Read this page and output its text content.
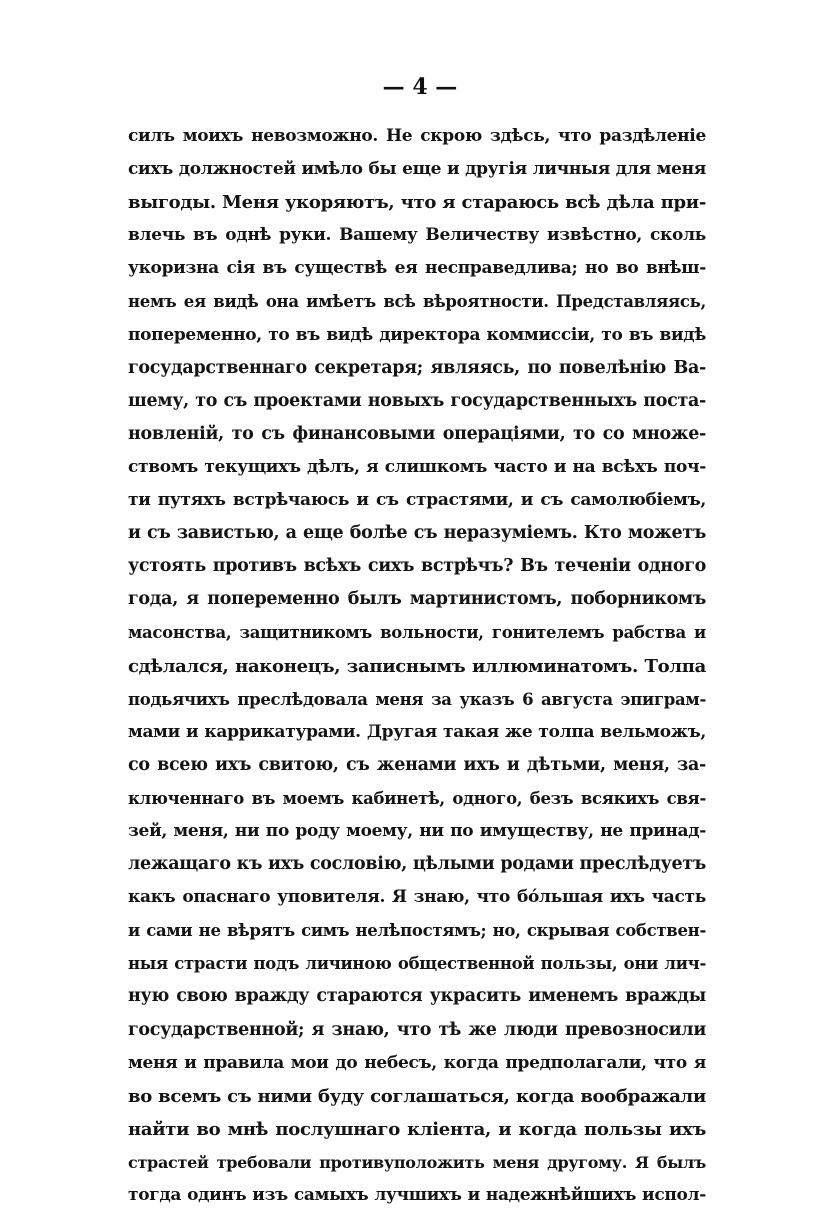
— 4 —
силъ моихъ невозможно. Не скрою здѣсь, что раздѣленіе
сихъ должностей имѣло бы еще и другія личныя для меня
выгоды. Меня укоряютъ, что я стараюсь всѣ дѣла при-
влечь въ однѣ руки. Вашему Величеству извѣстно, сколь
укоризна сія въ существѣ ея несправедлива; но во внѣш-
немъ ея видѣ она имѣетъ всѣ вѣроятности. Представляясь,
попеременно, то въ видѣ директора коммиссіи, то въ видѣ
государственнаго секретаря; являясь, по повелѣнію Ва-
шему, то съ проектами новыхъ государственныхъ поста-
новленій, то съ финансовыми операціями, то со множе-
ствомъ текущихъ дѣлъ, я слишкомъ часто и на всѣхъ поч-
ти путяхъ встрѣчаюсь и съ страстями, и съ самолюбіемъ,
и съ завистью, а еще болѣе съ неразуміемъ. Кто можетъ
устоять противъ всѣхъ сихъ встрѣчъ? Въ теченіи одного
года, я попеременно былъ мартинистомъ, поборникомъ
масонства, защитникомъ вольности, гонителемъ рабства и
сдѣлался, наконецъ, записнымъ иллюминатомъ. Толпа
подьячихъ преслѣдовала меня за указъ 6 августа эпиграм-
мами и каррикатурами. Другая такая же толпа вельможъ,
со всею ихъ свитою, съ женами ихъ и дѣтьми, меня, за-
ключеннаго въ моемъ кабинетѣ, одного, безъ всякихъ свя-
зей, меня, ни по роду моему, ни по имуществу, не принад-
лежащаго къ ихъ сословію, цѣлыми родами преслѣдуетъ
какъ опаснаго уповителя. Я знаю, что бо́льшая ихъ часть
и сами не вѣрятъ симъ нелѣпостямъ; но, скрывая собствен-
ныя страсти подъ личиною общественной пользы, они лич-
ную свою вражду стараются украсить именемъ вражды
государственной; я знаю, что тѣ же люди превозносили
меня и правила мои до небесъ, когда предполагали, что я
во всемъ съ ними буду соглашаться, когда воображали
найти во мнѣ послушнаго кліента, и когда пользы ихъ
страстей требовали противуположить меня другому. Я былъ
тогда одинъ изъ самыхъ лучшихъ и надежнѣйшихъ испол-
